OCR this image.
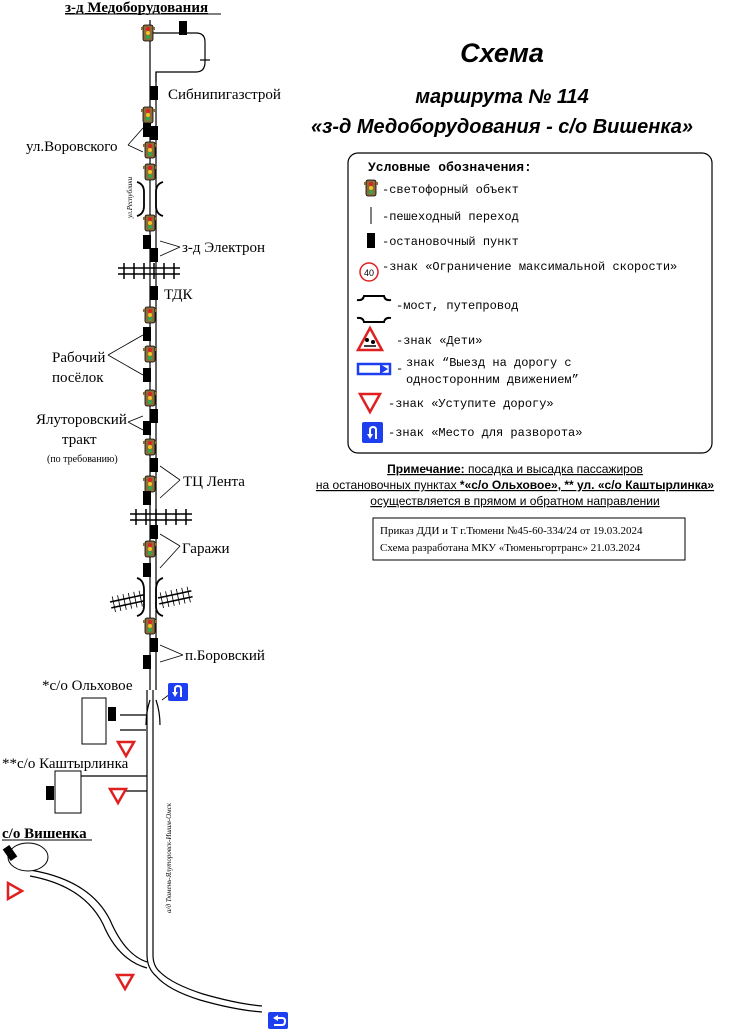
з-д Медоборудования
Сибнипигазстрой
ул.Воровского
з-д Электрон
ТДК
Рабочий
посёлок
Ялуторовский
тракт
(по требованию)
ТЦ Лента
Гаражи
п.Боровский
*с/о Ольховое
**с/о Каштырлинка
с/о Вишенка
ул.Республики
а/д Тюмень-Ялуторовск-Ишим-Омск
Схема
маршрута № 114
«з-д Медоборудования - с/о Вишенка»
Условные обозначения:
-светофорный объект
-пешеходный переход
-остановочный пункт
40 -знак «Ограничение максимальной скорости»
-мост, путепровод
-знак «Дети»
- знак “Выезд на дорогу с
односторонним движением”
-знак «Уступите дорогу»
-знак «Место для разворота»
Примечание: посадка и высадка пассажиров
на остановочных пунктах *«с/о Ольховое», ** ул. «с/о Каштырлинка»
осуществляется в прямом и обратном направлении
Приказ ДДИ и Т г.Тюмени №45-60-334/24 от 19.03.2024
Схема разработана МКУ «Тюменьгортранс» 21.03.2024
